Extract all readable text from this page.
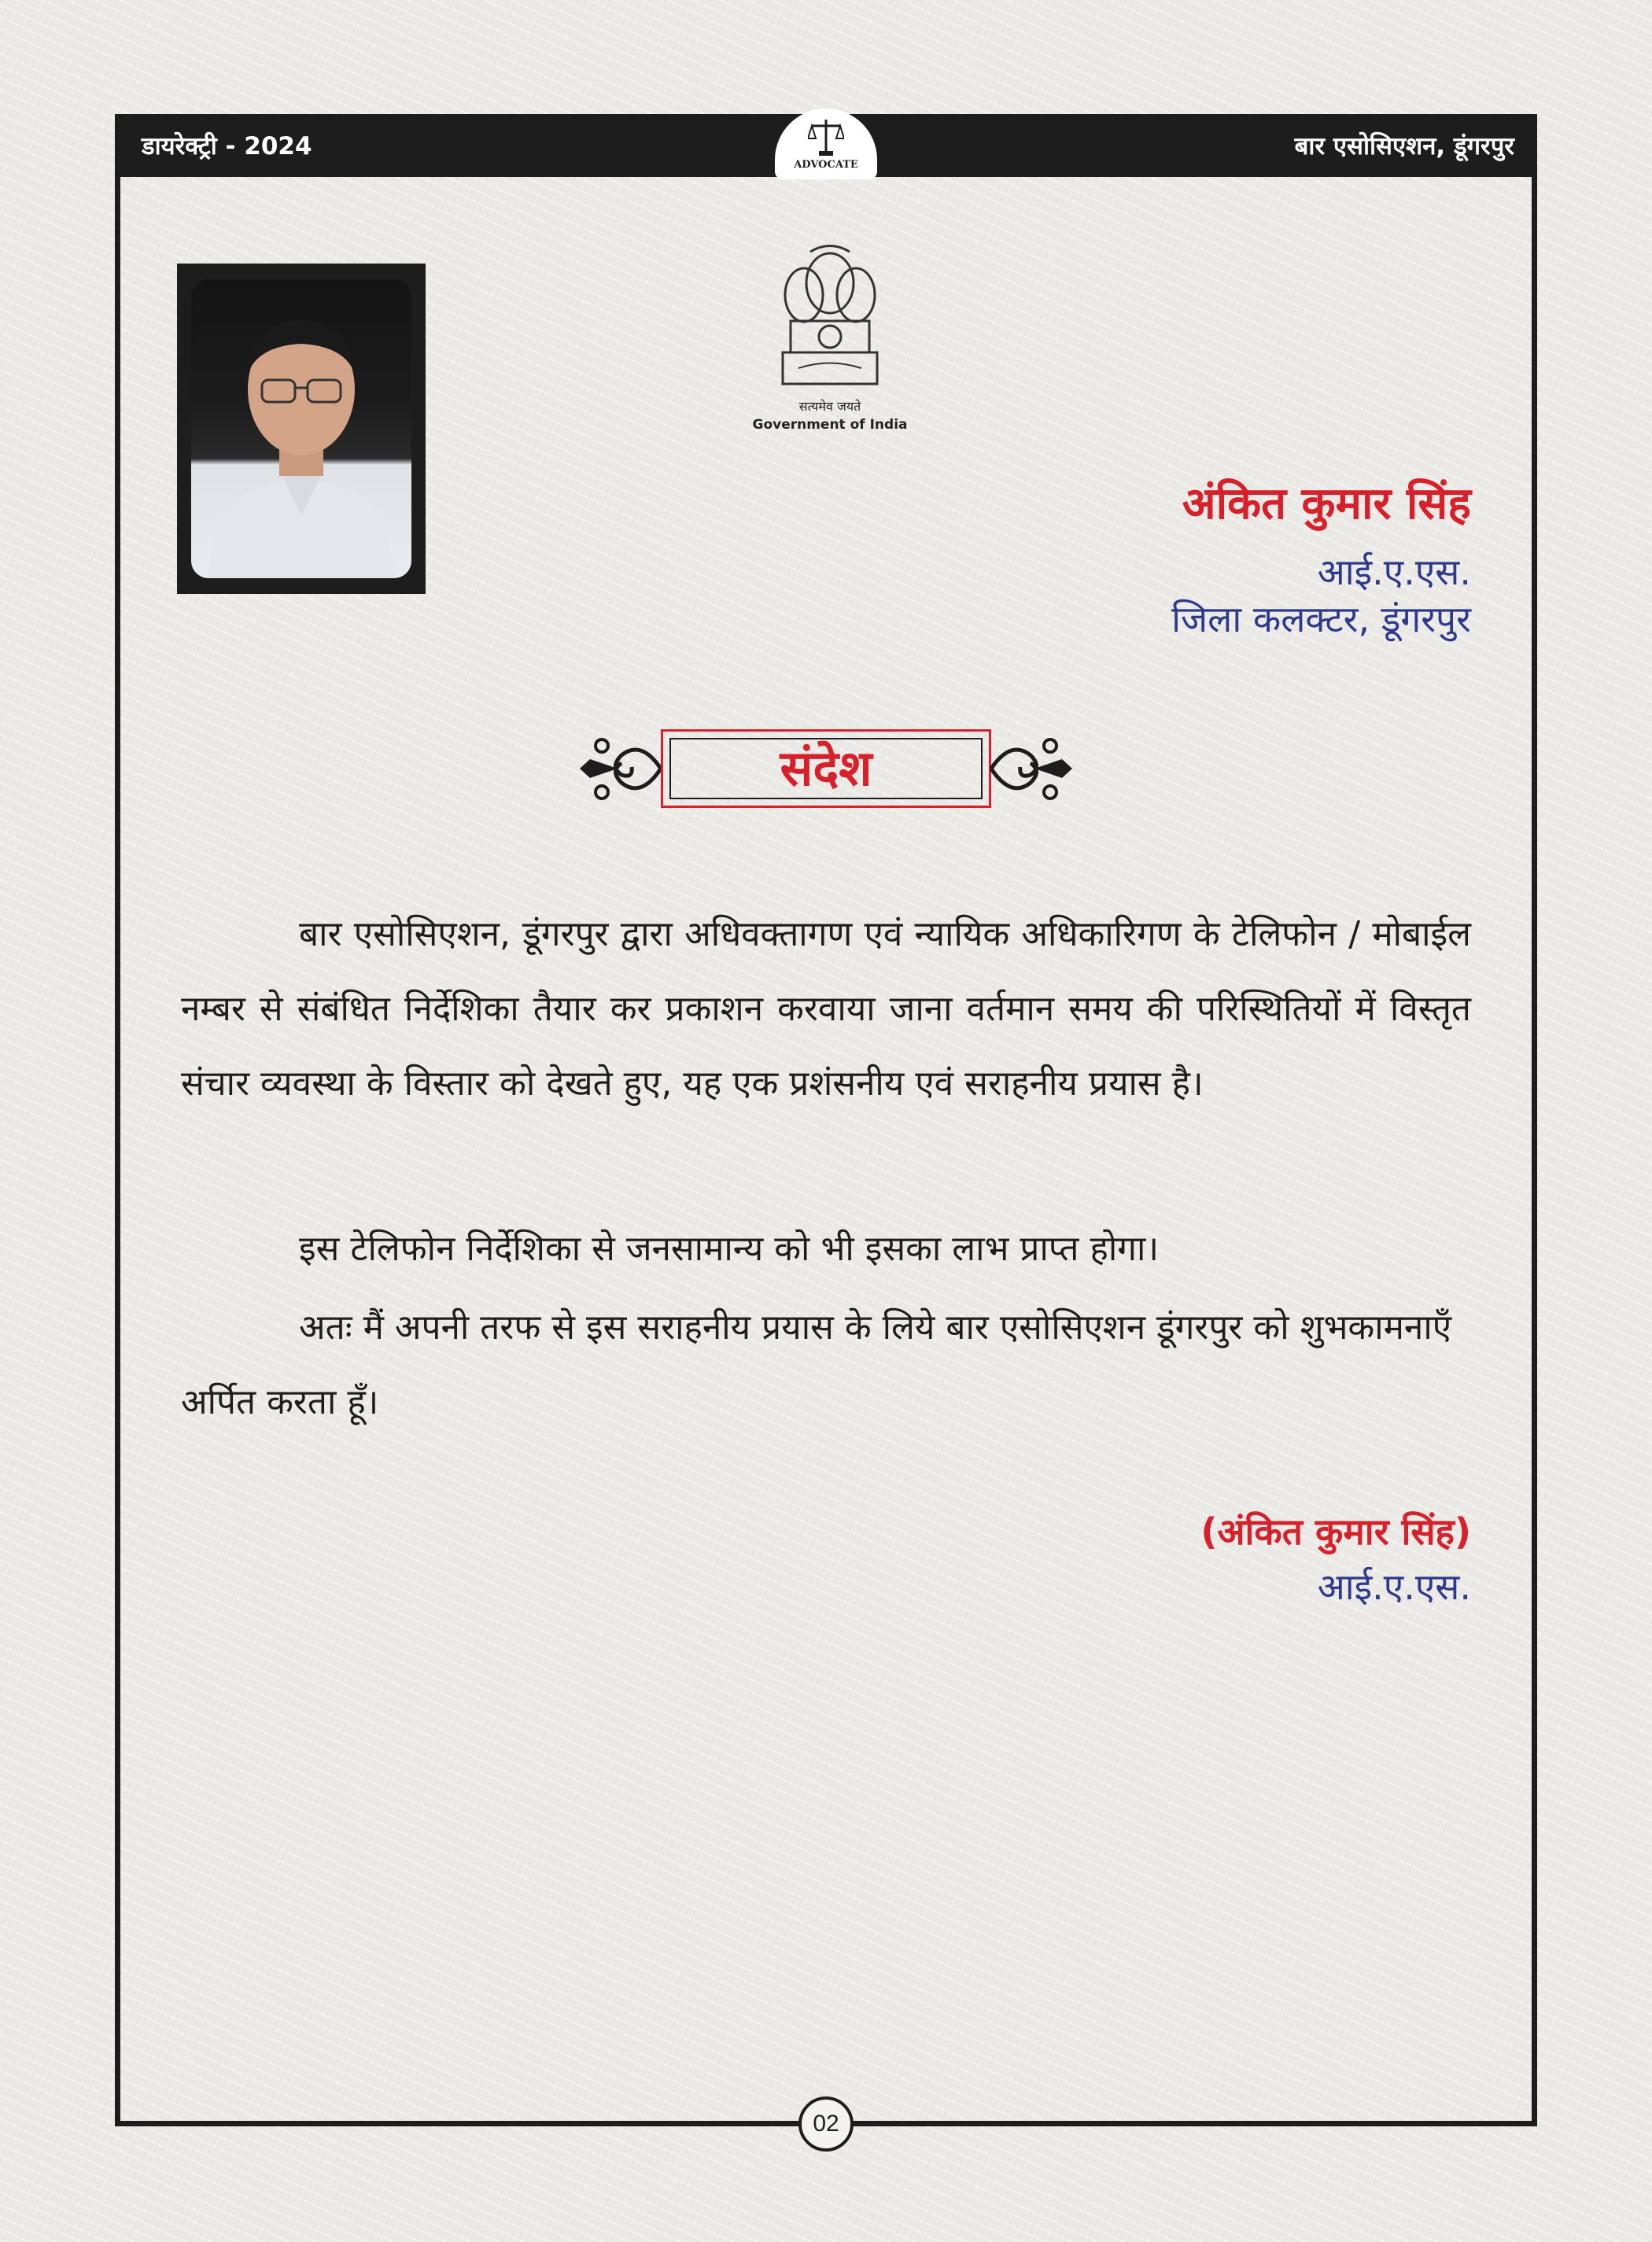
डायरेक्ट्री - 2024	बार एसोसिएशन, डूंगरपुर
ADVOCATE
सत्यमेव जयते
Government of India
अंकित कुमार सिंह
आई.ए.एस.
जिला कलक्टर, डूंगरपुर
संदेश
बार एसोसिएशन, डूंगरपुर द्वारा अधिवक्तागण एवं न्यायिक अधिकारिगण के टेलिफोन / मोबाईल नम्बर से संबंधित निर्देशिका तैयार कर प्रकाशन करवाया जाना वर्तमान समय की परिस्थितियों में विस्तृत संचार व्यवस्था के विस्तार को देखते हुए, यह एक प्रशंसनीय एवं सराहनीय प्रयास है।
इस टेलिफोन निर्देशिका से जनसामान्य को भी इसका लाभ प्राप्त होगा।
अतः मैं अपनी तरफ से इस सराहनीय प्रयास के लिये बार एसोसिएशन डूंगरपुर को शुभकामनाएँ अर्पित करता हूँ।
(अंकित कुमार सिंह)
आई.ए.एस.
02
